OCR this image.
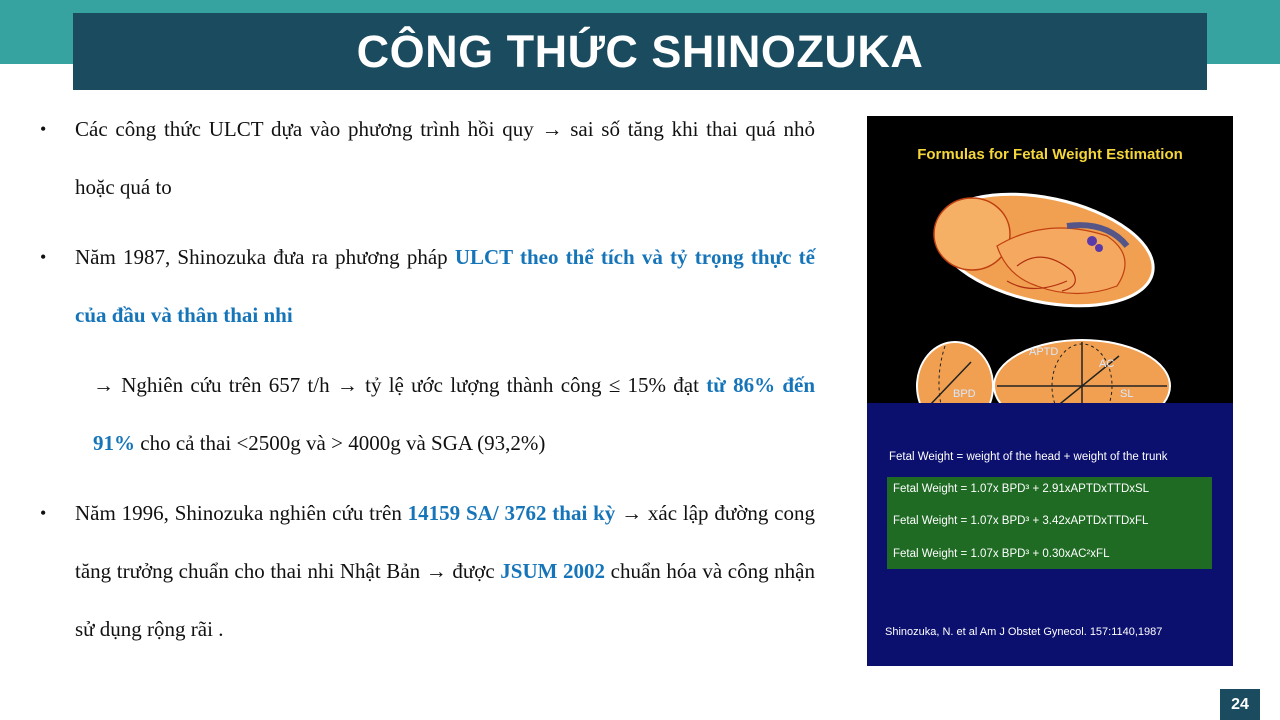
CÔNG THỨC SHINOZUKA
• Các công thức ULCT dựa vào phương trình hồi quy → sai số tăng khi thai quá nhỏ hoặc quá to
• Năm 1987, Shinozuka đưa ra phương pháp ULCT theo thể tích và tỷ trọng thực tế của đầu và thân thai nhi
→ Nghiên cứu trên 657 t/h → tỷ lệ ước lượng thành công ≤ 15% đạt từ 86% đến 91% cho cả thai <2500g và > 4000g và SGA (93,2%)
• Năm 1996, Shinozuka nghiên cứu trên 14159 SA/ 3762 thai kỳ → xác lập đường cong tăng trưởng chuẩn cho thai nhi Nhật Bản → được JSUM 2002 chuẩn hóa và công nhận sử dụng rộng rãi .
Formulas for Fetal Weight Estimation
APTD
AC
BPD	SL
Fetal Weight = weight of the head + weight of the trunk
Fetal Weight = 1.07x BPD³ + 2.91xAPTDxTTDxSL
Fetal Weight = 1.07x BPD³ + 3.42xAPTDxTTDxFL
Fetal Weight = 1.07x BPD³ + 0.30xAC²xFL
Shinozuka, N. et al Am J Obstet Gynecol. 157:1140,1987
24
